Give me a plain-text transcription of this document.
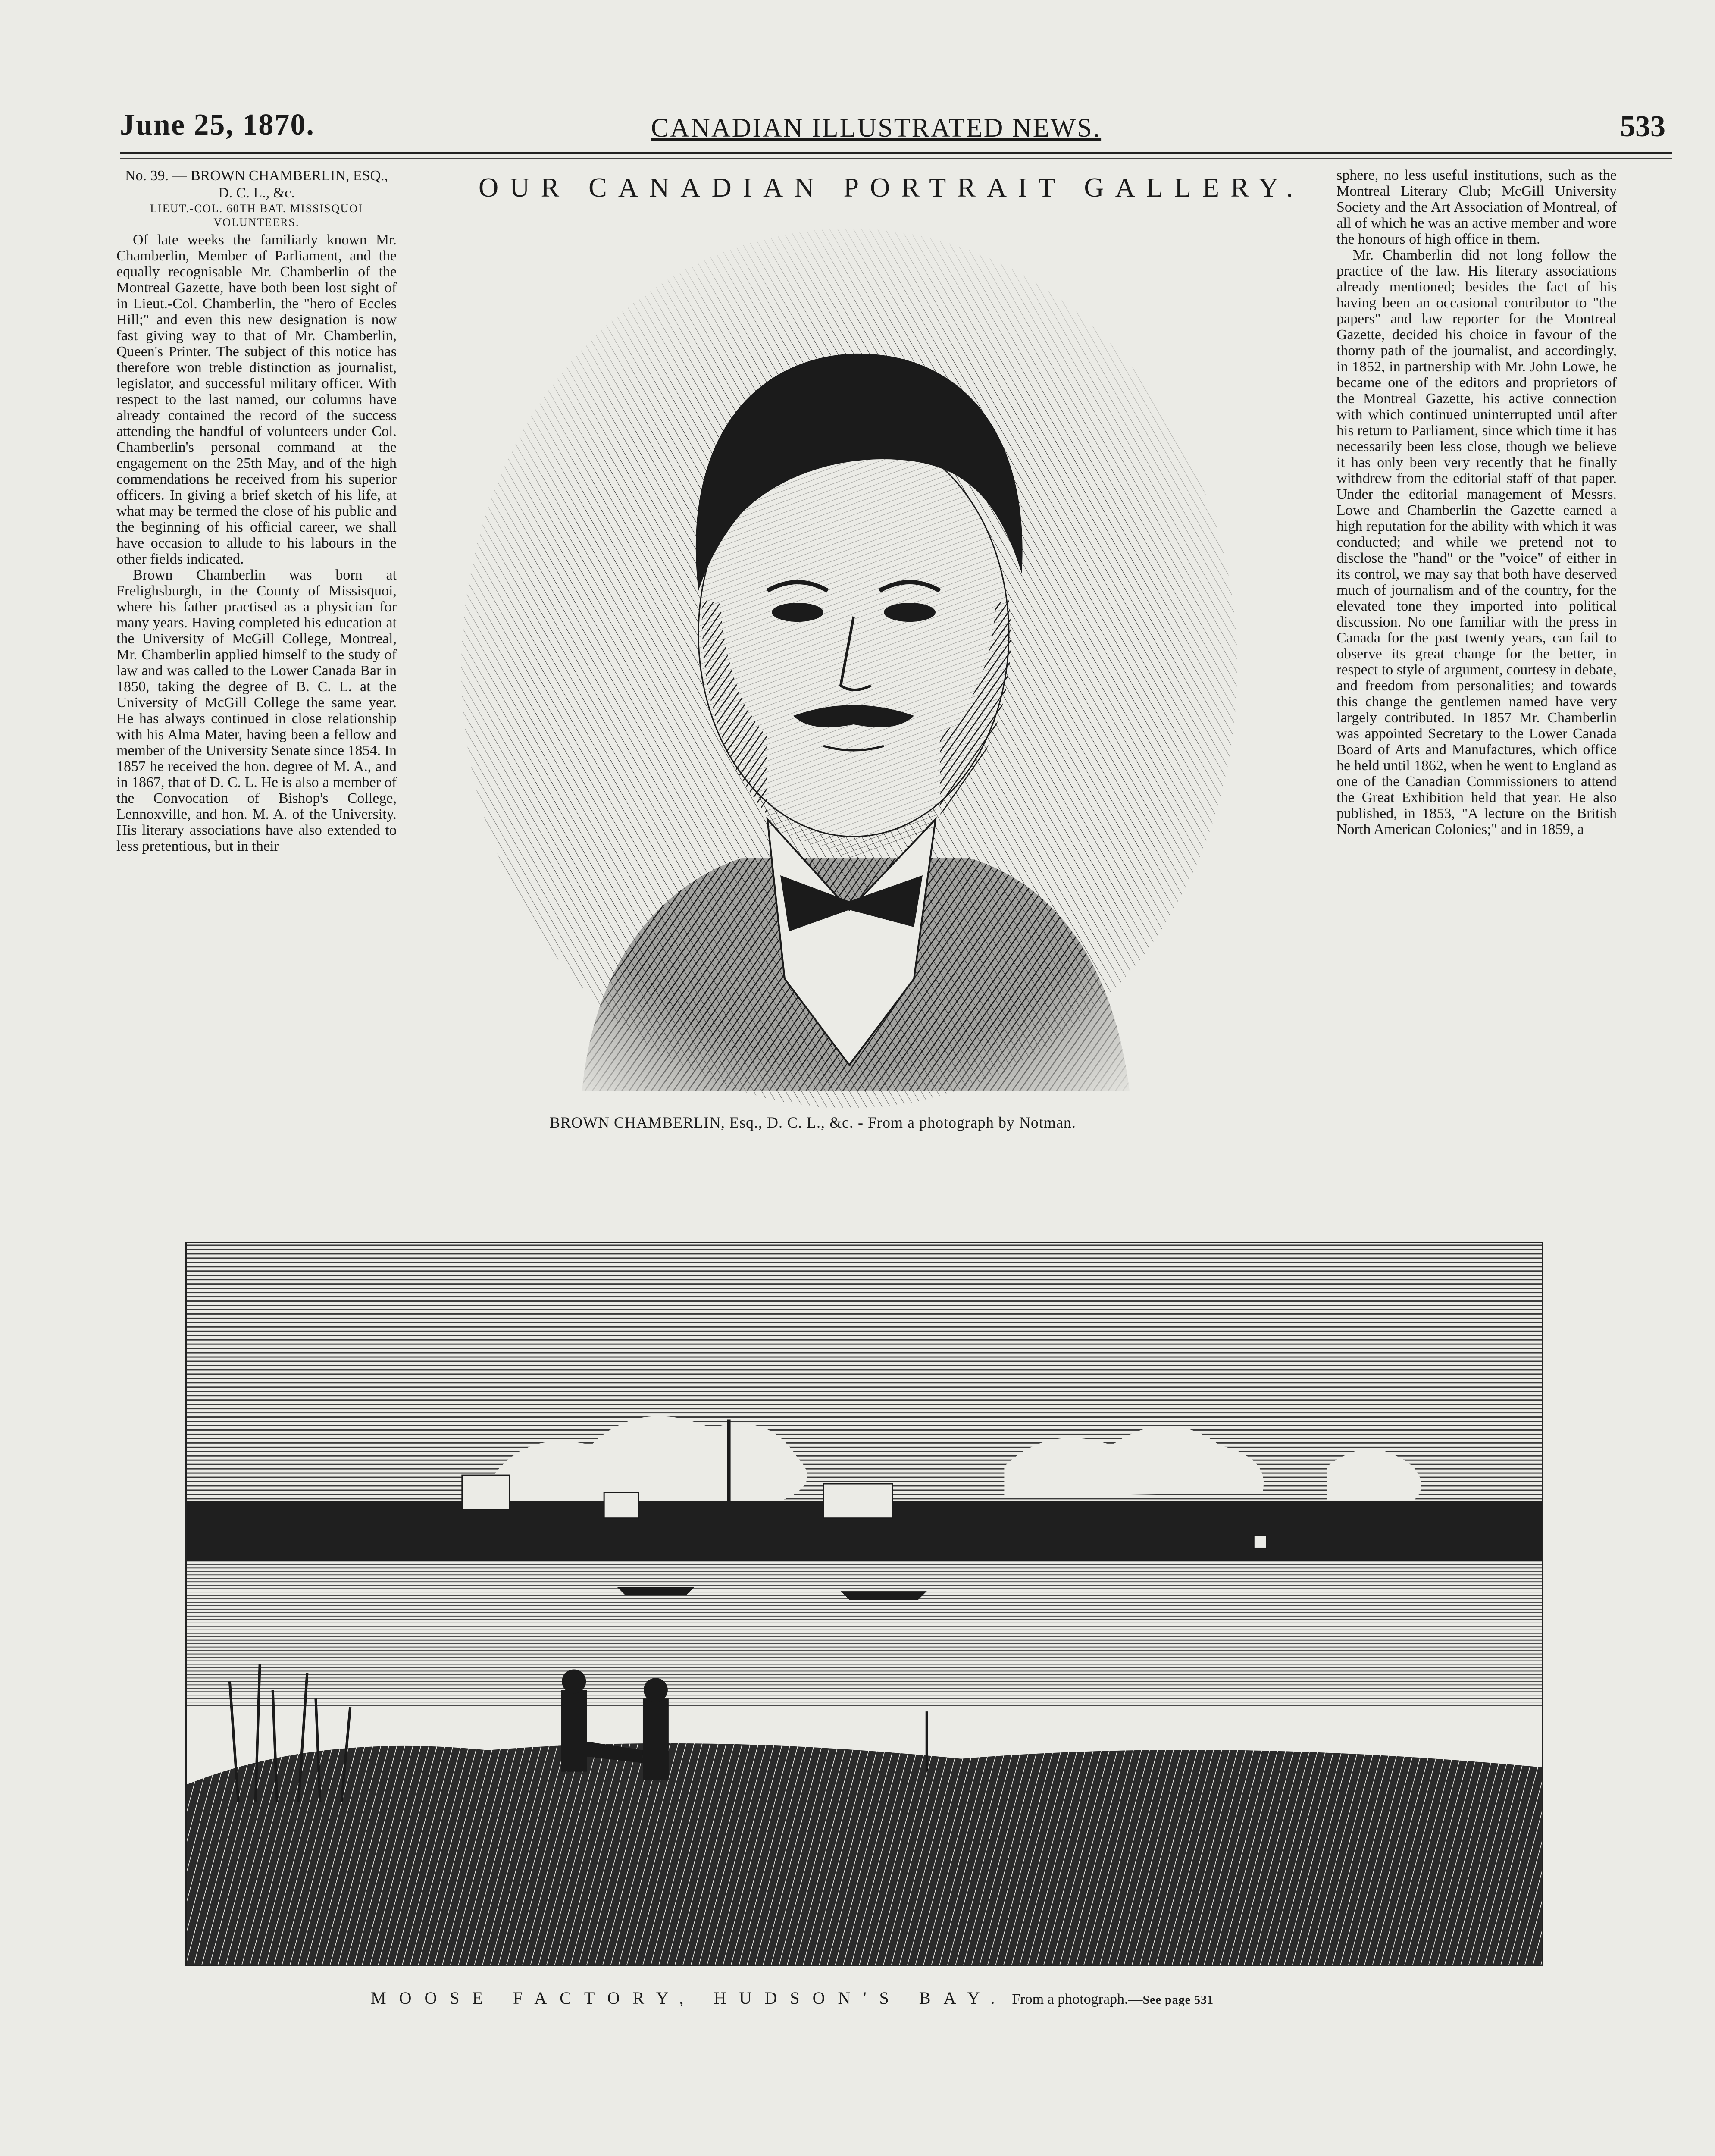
June 25, 1870.	CANADIAN ILLUSTRATED NEWS.	533

No. 39. — BROWN CHAMBERLIN, ESQ., D. C. L., &c.

LIEUT.-COL. 60TH BAT. MISSISQUOI VOLUNTEERS.

Of late weeks the familiarly known Mr. Chamberlin, Member of Parliament, and the equally recognisable Mr. Chamberlin of the Montreal Gazette, have both been lost sight of in Lieut.-Col. Chamberlin, the "hero of Eccles Hill;" and even this new designation is now fast giving way to that of Mr. Chamberlin, Queen's Printer. The subject of this notice has therefore won treble distinction as journalist, legislator, and successful military officer. With respect to the last named, our columns have already contained the record of the success attending the handful of volunteers under Col. Chamberlin's personal command at the engagement on the 25th May, and of the high commendations he received from his superior officers. In giving a brief sketch of his life, at what may be termed the close of his public and the beginning of his official career, we shall have occasion to allude to his labours in the other fields indicated.

Brown Chamberlin was born at Frelighsburgh, in the County of Missisquoi, where his father practised as a physician for many years. Having completed his education at the University of McGill College, Montreal, Mr. Chamberlin applied himself to the study of law and was called to the Lower Canada Bar in 1850, taking the degree of B. C. L. at the University of McGill College the same year. He has always continued in close relationship with his Alma Mater, having been a fellow and member of the University Senate since 1854. In 1857 he received the hon. degree of M. A., and in 1867, that of D. C. L. He is also a member of the Convocation of Bishop's College, Lennoxville, and hon. M. A. of the University. His literary associations have also extended to less pretentious, but in their

OUR CANADIAN PORTRAIT GALLERY.
BROWN CHAMBERLIN, Esq., D. C. L., &c. - From a photograph by Notman.

sphere, no less useful institutions, such as the Montreal Literary Club; McGill University Society and the Art Association of Montreal, of all of which he was an active member and wore the honours of high office in them.

Mr. Chamberlin did not long follow the practice of the law. His literary associations already mentioned; besides the fact of his having been an occasional contributor to "the papers" and law reporter for the Montreal Gazette, decided his choice in favour of the thorny path of the journalist, and accordingly, in 1852, in partnership with Mr. John Lowe, he became one of the editors and proprietors of the Montreal Gazette, his active connection with which continued uninterrupted until after his return to Parliament, since which time it has necessarily been less close, though we believe it has only been very recently that he finally withdrew from the editorial staff of that paper. Under the editorial management of Messrs. Lowe and Chamberlin the Gazette earned a high reputation for the ability with which it was conducted; and while we pretend not to disclose the "hand" or the "voice" of either in its control, we may say that both have deserved much of journalism and of the country, for the elevated tone they imported into political discussion. No one familiar with the press in Canada for the past twenty years, can fail to observe its great change for the better, in respect to style of argument, courtesy in debate, and freedom from personalities; and towards this change the gentlemen named have very largely contributed. In 1857 Mr. Chamberlin was appointed Secretary to the Lower Canada Board of Arts and Manufactures, which office he held until 1862, when he went to England as one of the Canadian Commissioners to attend the Great Exhibition held that year. He also published, in 1853, "A lecture on the British North American Colonies;" and in 1859, a

MOOSE FACTORY, HUDSON'S BAY. From a photograph.—See page 531
